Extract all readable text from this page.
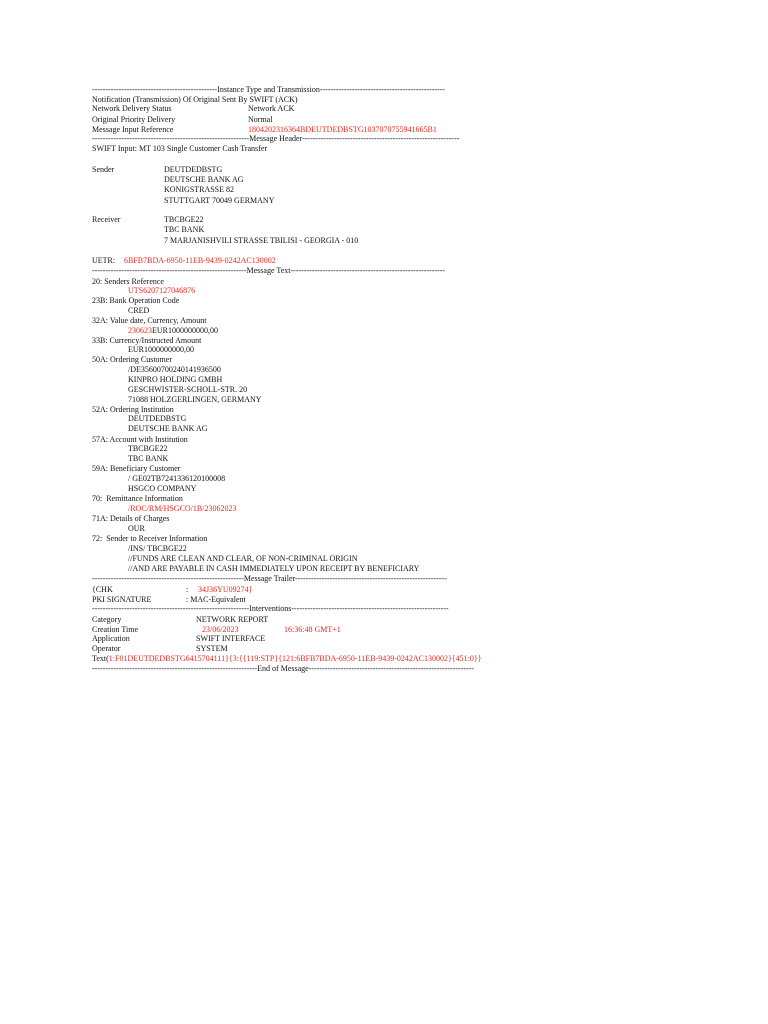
-----------------------------------------------Instance Type and Transmission-----------------------------------------------
Notification (Transmission) Of Original Sent By SWIFT (ACK)
Network Delivery Status	Network ACK
Original Priority Delivery	Normal
Message Input Reference	1804202316364BDEUTDEDBSTG1037070755941665B1
-----------------------------------------------------------Message Header-----------------------------------------------------------
SWIFT Input: MT 103 Single Customer Cash Transfer
Sender	DEUTDEDBSTG
DEUTSCHE BANK AG
KONIGSTRASSE 82
STUTTGART 70049 GERMANY
Receiver	TBCBGE22
TBC BANK
7 MARJANISHVILI STRASSE TBILISI - GEORGIA - 010
UETR: 6BFB7BDA-6950-11EB-9439-0242AC130002
----------------------------------------------------------Message Text----------------------------------------------------------
20: Senders Reference
UTS6207127046876
23B: Bank Operation Code
CRED
32A: Value date, Currency, Amount
230623EUR1000000000,00
33B: Currency/Instructed Amount
EUR1000000000,00
50A: Ordering Customer
/DE35600700240141936500
KINPRO HOLDING GMBH
GESCHWISTER-SCHOLL-STR. 20
71088 HOLZGERLINGEN, GERMANY
52A: Ordering Institution
DEUTDEDBSTG
DEUTSCHE BANK AG
57A: Account with Institution
TBCBGE22
TBC BANK
59A: Beneficiary Customer
/ GE02TB7241336120100008
HSGCO COMPANY
70:  Remittance Information
/ROC/RM/HSGCO/1B/23062023
71A: Details of Charges
OUR
72:  Sender to Receiver Information
/INS/ TBCBGE22
//FUNDS ARE CLEAN AND CLEAR, OF NON-CRIMINAL ORIGIN
//AND ARE PAYABLE IN CASH IMMEDIATELY UPON RECEIPT BY BENEFICIARY
---------------------------------------------------------Message Trailer---------------------------------------------------------
{CHK	: 34J36YU09274}
PKI SIGNATURE	: MAC-Equivalent
-----------------------------------------------------------Interventions-----------------------------------------------------------
Category	NETWORK REPORT
Creation Time	23/06/2023	16:36:48 GMT+1
Application	SWIFT INTERFACE
Operator	SYSTEM
Text(1:F01DEUTDEDBSTG6415704111}{3:{{119:STP}{121:6BFB7BDA-6950-11EB-9439-0242AC130002}{451:0}}
--------------------------------------------------------------End of Message--------------------------------------------------------------
